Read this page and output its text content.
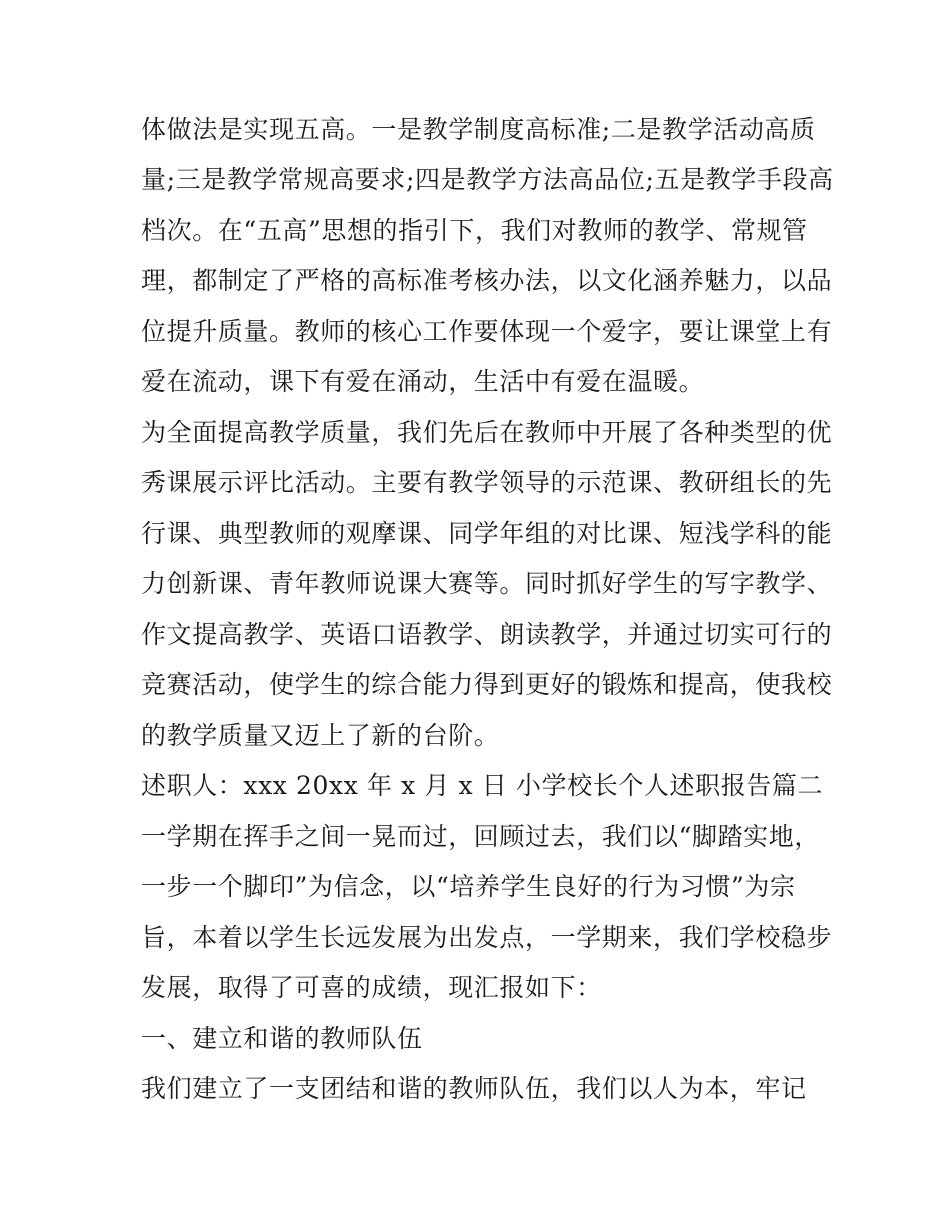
体做法是实现五高。一是教学制度高标准;二是教学活动高质

量;三是教学常规高要求;四是教学方法高品位;五是教学手段高

档次。在“五高”思想的指引下，我们对教师的教学、常规管

理，都制定了严格的高标准考核办法，以文化涵养魅力，以品

位提升质量。教师的核心工作要体现一个爱字，要让课堂上有

爱在流动，课下有爱在涌动，生活中有爱在温暖。

为全面提高教学质量，我们先后在教师中开展了各种类型的优

秀课展示评比活动。主要有教学领导的示范课、教研组长的先

行课、典型教师的观摩课、同学年组的对比课、短浅学科的能

力创新课、青年教师说课大赛等。同时抓好学生的写字教学、

作文提高教学、英语口语教学、朗读教学，并通过切实可行的

竞赛活动，使学生的综合能力得到更好的锻炼和提高，使我校

的教学质量又迈上了新的台阶。

述职人：xxx 20xx 年 x 月 x 日 小学校长个人述职报告篇二

一学期在挥手之间一晃而过，回顾过去，我们以“脚踏实地，

一步一个脚印”为信念，以“培养学生良好的行为习惯”为宗

旨，本着以学生长远发展为出发点，一学期来，我们学校稳步

发展，取得了可喜的成绩，现汇报如下：

一、建立和谐的教师队伍

我们建立了一支团结和谐的教师队伍，我们以人为本，牢记
